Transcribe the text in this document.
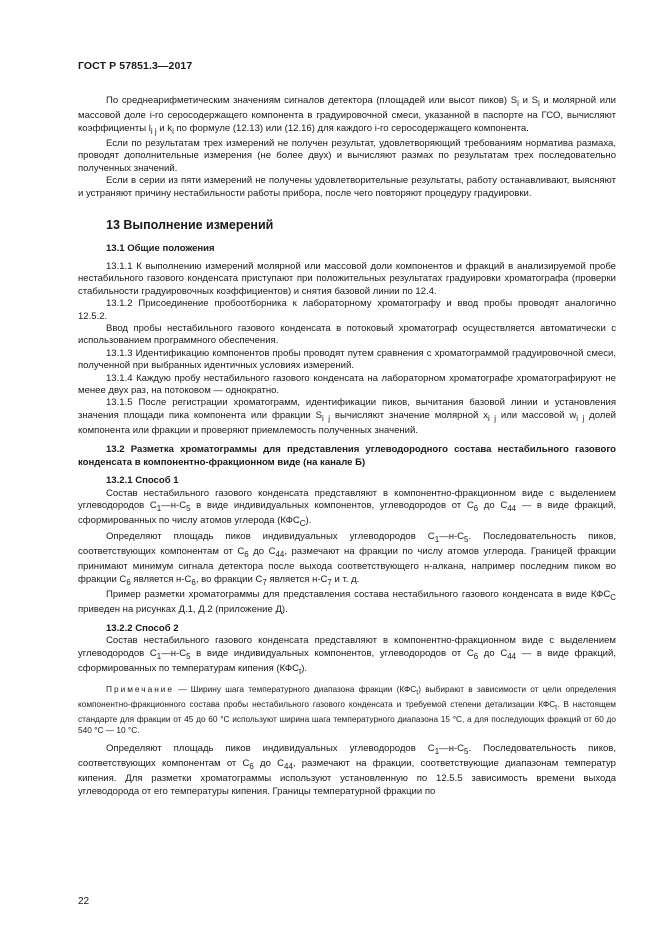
ГОСТ Р 57851.3—2017

По среднеарифметическим значениям сигналов детектора (площадей или высот пиков) $S_i$ и $S_i$ и молярной или массовой доле i-го серосодержащего компонента в градуировочной смеси, указанной в паспорте на ГСО, вычисляют коэффициенты $l_{i j}$ и $k_i$ по формуле (12.13) или (12.16) для каждого i-го серосодержащего компонента.

Если по результатам трех измерений не получен результат, удовлетворяющий требованиям норматива размаха, проводят дополнительные измерения (не более двух) и вычисляют размах по результатам трех последовательно полученных значений.

Если в серии из пяти измерений не получены удовлетворительные результаты, работу останавливают, выясняют и устраняют причину нестабильности работы прибора, после чего повторяют процедуру градуировки.

13 Выполнение измерений

13.1 Общие положения

13.1.1 К выполнению измерений молярной или массовой доли компонентов и фракций в анализируемой пробе нестабильного газового конденсата приступают при положительных результатах градуировки хроматографа (проверки стабильности градуировочных коэффициентов) и снятия базовой линии по 12.4.

13.1.2 Присоединение пробоотборника к лабораторному хроматографу и ввод пробы проводят аналогично 12.5.2.

Ввод пробы нестабильного газового конденсата в потоковый хроматограф осуществляется автоматически с использованием программного обеспечения.

13.1.3 Идентификацию компонентов пробы проводят путем сравнения с хроматограммой градуировочной смеси, полученной при выбранных идентичных условиях измерений.

13.1.4 Каждую пробу нестабильного газового конденсата на лабораторном хроматографе хроматографируют не менее двух раз, на потоковом — однократно.

13.1.5 После регистрации хроматограмм, идентификации пиков, вычитания базовой линии и установления значения площади пика компонента или фракции $S_{i j}$ вычисляют значение молярной $x_{i j}$ или массовой $w_{i j}$ долей компонента или фракции и проверяют приемлемость полученных значений.

13.2 Разметка хроматограммы для представления углеводородного состава нестабильного газового конденсата в компонентно-фракционном виде (на канале Б)

13.2.1 Способ 1

Состав нестабильного газового конденсата представляют в компонентно-фракционном виде с выделением углеводородов $C_1—н-C_5$ в виде индивидуальных компонентов, углеводородов от $C_6$ до $C_{44}$ — в виде фракций, сформированных по числу атомов углерода $(КФС_С)$.

Определяют площадь пиков индивидуальных углеводородов $C_1—н-C_5$. Последовательность пиков, соответствующих компонентам от $C_6$ до $C_{44}$, размечают на фракции по числу атомов углерода. Границей фракции принимают минимум сигнала детектора после выхода соответствующего н-алкана, например последним пиком во фракции $C_6$ является $н-C_6$, во фракции $C_7$ является $н-C_7$ и т. д.

Пример разметки хроматограммы для представления состава нестабильного газового конденсата в виде $КФС_С$ приведен на рисунках Д.1, Д.2 (приложение Д).

13.2.2 Способ 2

Состав нестабильного газового конденсата представляют в компонентно-фракционном виде с выделением углеводородов $C_1—н-C_5$ в виде индивидуальных компонентов, углеводородов от $C_6$ до $C_{44}$ — в виде фракций, сформированных по температурам кипения $(КФС_t)$.

Примечание — Ширину шага температурного диапазона фракции $(КФС_t)$ выбирают в зависимости от цели определения компонентно-фракционного состава пробы нестабильного газового конденсата и требуемой степени детализации $КФС_t$. В настоящем стандарте для фракции от 45 до 60 °С используют ширина шага температурного диапазона 15 °С, а для последующих фракций от 60 до 540 °С — 10 °С.

Определяют площадь пиков индивидуальных углеводородов $C_1—н-C_5$. Последовательность пиков, соответствующих компонентам от $C_6$ до $C_{44}$, размечают на фракции, соответствующие диапазонам температур кипения. Для разметки хроматограммы используют установленную по 12.5.5 зависимость времени выхода углеводорода от его температуры кипения. Границы температурной фракции по

22
